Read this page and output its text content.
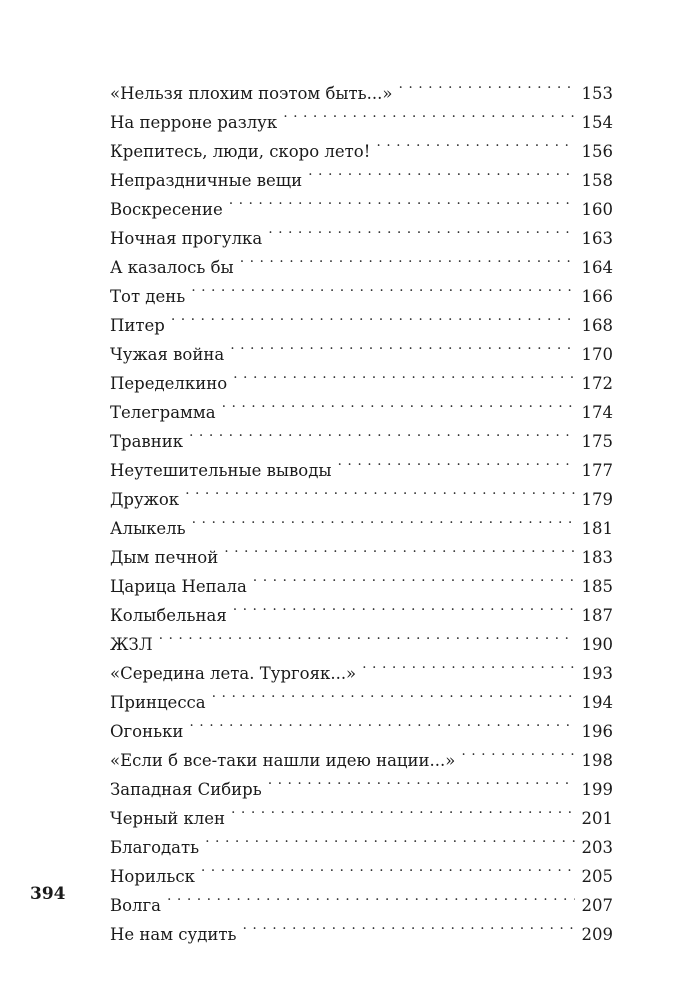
«Нельзя плохим поэтом быть...» . . .	153
На перроне разлук . . .	154
Крепитесь, люди, скоро лето! . . .	156
Непраздничные вещи . . .	158
Воскресение . . .	160
Ночная прогулка . . .	163
А казалось бы . . .	164
Тот день . . .	166
Питер . . .	168
Чужая война . . .	170
Переделкино . . .	172
Телеграмма . . .	174
Травник . . .	175
Неутешительные выводы . . .	177
Дружок . . .	179
Алыкель . . .	181
Дым печной . . .	183
Царица Непала . . .	185
Колыбельная . . .	187
ЖЗЛ . . .	190
«Середина лета. Тургояк...» . . .	193
Принцесса . . .	194
Огоньки . . .	196
«Если б все-таки нашли идею нации...» . . .	198
Западная Сибирь . . .	199
Черный клен . . .	201
Благодать . . .	203
Норильск . . .	205
Волга . . .	207
Не нам судить . . .	209
394
